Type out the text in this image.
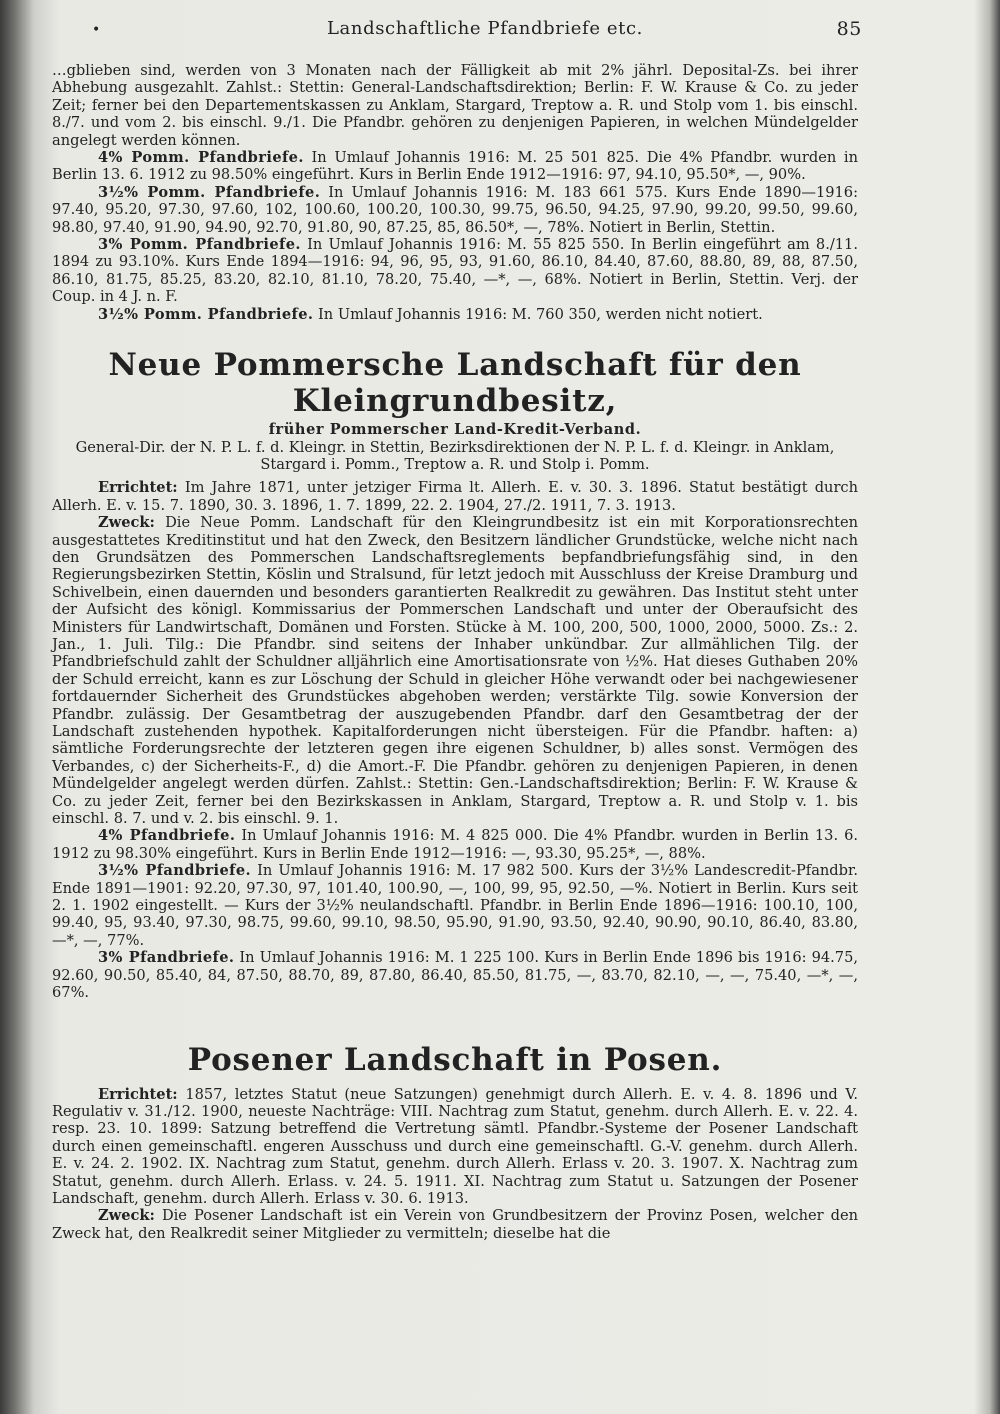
•	Landschaftliche Pfandbriefe etc.	85

…gblieben sind, werden von 3 Monaten nach der Fälligkeit ab mit 2% jährl. Deposital-Zs. bei ihrer Abhebung ausgezahlt. Zahlst.: Stettin: General-Landschaftsdirektion; Berlin: F. W. Krause & Co. zu jeder Zeit; ferner bei den Departementskassen zu Anklam, Stargard, Treptow a. R. und Stolp vom 1. bis einschl. 8./7. und vom 2. bis einschl. 9./1. Die Pfandbr. gehören zu denjenigen Papieren, in welchen Mündelgelder angelegt werden können.

4% Pomm. Pfandbriefe. In Umlauf Johannis 1916: M. 25 501 825. Die 4% Pfandbr. wurden in Berlin 13. 6. 1912 zu 98.50% eingeführt. Kurs in Berlin Ende 1912—1916: 97, 94.10, 95.50*, —, 90%.

3½% Pomm. Pfandbriefe. In Umlauf Johannis 1916: M. 183 661 575. Kurs Ende 1890—1916: 97.40, 95.20, 97.30, 97.60, 102, 100.60, 100.20, 100.30, 99.75, 96.50, 94.25, 97.90, 99.20, 99.50, 99.60, 98.80, 97.40, 91.90, 94.90, 92.70, 91.80, 90, 87.25, 85, 86.50*, —, 78%. Notiert in Berlin, Stettin.

3% Pomm. Pfandbriefe. In Umlauf Johannis 1916: M. 55 825 550. In Berlin eingeführt am 8./11. 1894 zu 93.10%. Kurs Ende 1894—1916: 94, 96, 95, 93, 91.60, 86.10, 84.40, 87.60, 88.80, 89, 88, 87.50, 86.10, 81.75, 85.25, 83.20, 82.10, 81.10, 78.20, 75.40, —*, —, 68%. Notiert in Berlin, Stettin. Verj. der Coup. in 4 J. n. F.

3½% Pomm. Pfandbriefe. In Umlauf Johannis 1916: M. 760 350, werden nicht notiert.

Neue Pommersche Landschaft für den Kleingrundbesitz,
früher Pommerscher Land-Kredit-Verband.

General-Dir. der N. P. L. f. d. Kleingr. in Stettin, Bezirksdirektionen der N. P. L. f. d. Kleingr. in Anklam, Stargard i. Pomm., Treptow a. R. und Stolp i. Pomm.

Errichtet: Im Jahre 1871, unter jetziger Firma lt. Allerh. E. v. 30. 3. 1896. Statut bestätigt durch Allerh. E. v. 15. 7. 1890, 30. 3. 1896, 1. 7. 1899, 22. 2. 1904, 27./2. 1911, 7. 3. 1913.

Zweck: Die Neue Pomm. Landschaft für den Kleingrundbesitz ist ein mit Korporationsrechten ausgestattetes Kreditinstitut und hat den Zweck, den Besitzern ländlicher Grundstücke, welche nicht nach den Grundsätzen des Pommerschen Landschaftsreglements bepfandbriefungsfähig sind, in den Regierungsbezirken Stettin, Köslin und Stralsund, für letzt jedoch mit Ausschluss der Kreise Dramburg und Schivelbein, einen dauernden und besonders garantierten Realkredit zu gewähren. Das Institut steht unter der Aufsicht des königl. Kommissarius der Pommerschen Landschaft und unter der Oberaufsicht des Ministers für Landwirtschaft, Domänen und Forsten. Stücke à M. 100, 200, 500, 1000, 2000, 5000. Zs.: 2. Jan., 1. Juli. Tilg.: Die Pfandbr. sind seitens der Inhaber unkündbar. Zur allmählichen Tilg. der Pfandbriefschuld zahlt der Schuldner alljährlich eine Amortisationsrate von ½%. Hat dieses Guthaben 20% der Schuld erreicht, kann es zur Löschung der Schuld in gleicher Höhe verwandt oder bei nachgewiesener fortdauernder Sicherheit des Grundstückes abgehoben werden; verstärkte Tilg. sowie Konversion der Pfandbr. zulässig. Der Gesamtbetrag der auszugebenden Pfandbr. darf den Gesamtbetrag der der Landschaft zustehenden hypothek. Kapitalforderungen nicht übersteigen. Für die Pfandbr. haften: a) sämtliche Forderungsrechte der letzteren gegen ihre eigenen Schuldner, b) alles sonst. Vermögen des Verbandes, c) der Sicherheits-F., d) die Amort.-F. Die Pfandbr. gehören zu denjenigen Papieren, in denen Mündelgelder angelegt werden dürfen. Zahlst.: Stettin: Gen.-Landschaftsdirektion; Berlin: F. W. Krause & Co. zu jeder Zeit, ferner bei den Bezirkskassen in Anklam, Stargard, Treptow a. R. und Stolp v. 1. bis einschl. 8. 7. und v. 2. bis einschl. 9. 1.

4% Pfandbriefe. In Umlauf Johannis 1916: M. 4 825 000. Die 4% Pfandbr. wurden in Berlin 13. 6. 1912 zu 98.30% eingeführt. Kurs in Berlin Ende 1912—1916: —, 93.30, 95.25*, —, 88%.

3½% Pfandbriefe. In Umlauf Johannis 1916: M. 17 982 500. Kurs der 3½% Landescredit-Pfandbr. Ende 1891—1901: 92.20, 97.30, 97, 101.40, 100.90, —, 100, 99, 95, 92.50, —%. Notiert in Berlin. Kurs seit 2. 1. 1902 eingestellt. — Kurs der 3½% neulandschaftl. Pfandbr. in Berlin Ende 1896—1916: 100.10, 100, 99.40, 95, 93.40, 97.30, 98.75, 99.60, 99.10, 98.50, 95.90, 91.90, 93.50, 92.40, 90.90, 90.10, 86.40, 83.80, —*, —, 77%.

3% Pfandbriefe. In Umlauf Johannis 1916: M. 1 225 100. Kurs in Berlin Ende 1896 bis 1916: 94.75, 92.60, 90.50, 85.40, 84, 87.50, 88.70, 89, 87.80, 86.40, 85.50, 81.75, —, 83.70, 82.10, —, —, 75.40, —*, —, 67%.

Posener Landschaft in Posen.

Errichtet: 1857, letztes Statut (neue Satzungen) genehmigt durch Allerh. E. v. 4. 8. 1896 und V. Regulativ v. 31./12. 1900, neueste Nachträge: VIII. Nachtrag zum Statut, genehm. durch Allerh. E. v. 22. 4. resp. 23. 10. 1899: Satzung betreffend die Vertretung sämtl. Pfandbr.-Systeme der Posener Landschaft durch einen gemeinschaftl. engeren Ausschuss und durch eine gemeinschaftl. G.-V. genehm. durch Allerh. E. v. 24. 2. 1902. IX. Nachtrag zum Statut, genehm. durch Allerh. Erlass v. 20. 3. 1907. X. Nachtrag zum Statut, genehm. durch Allerh. Erlass. v. 24. 5. 1911. XI. Nachtrag zum Statut u. Satzungen der Posener Landschaft, genehm. durch Allerh. Erlass v. 30. 6. 1913.

Zweck: Die Posener Landschaft ist ein Verein von Grundbesitzern der Provinz Posen, welcher den Zweck hat, den Realkredit seiner Mitglieder zu vermitteln; dieselbe hat die
